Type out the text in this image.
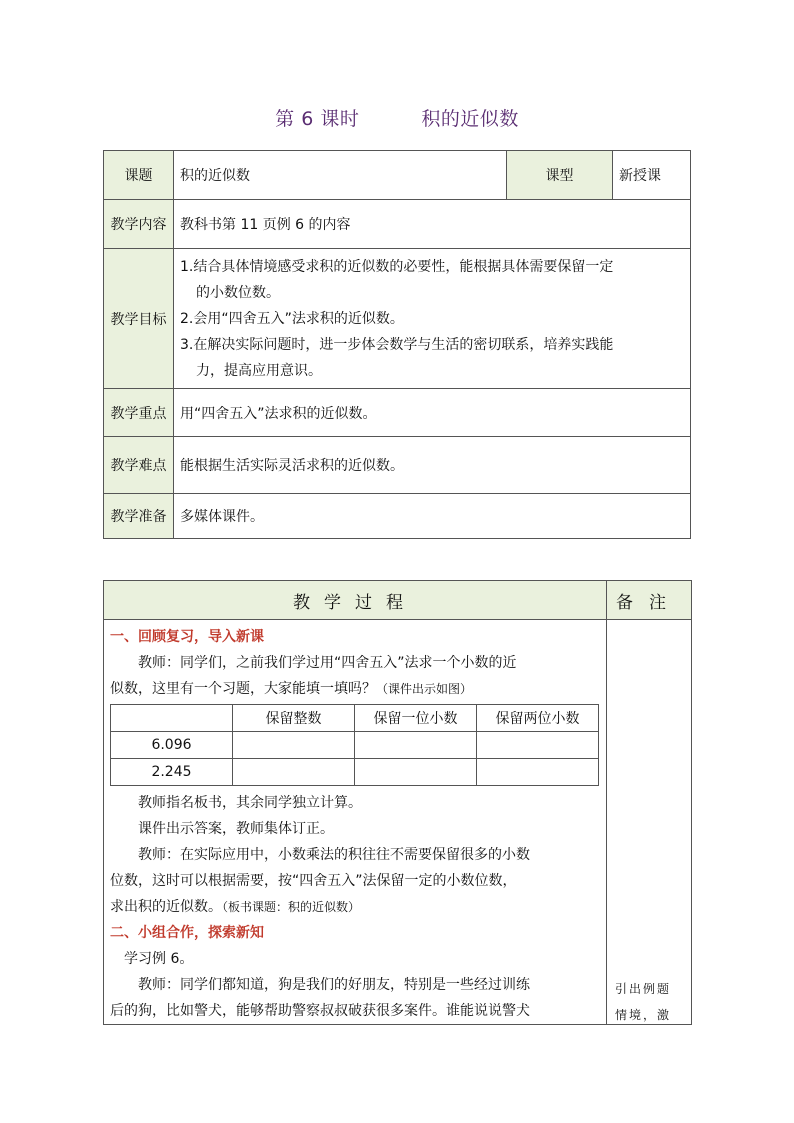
第 6 课时	积的近似数
课题	积的近似数	课型	新授课
教学内容	教科书第 11 页例 6 的内容		
教学目标	1.结合具体情境感受求积的近似数的必要性，能根据具体需要保留一定
的小数位数。
2.会用“四舍五入”法求积的近似数。
3.在解决实际问题时，进一步体会数学与生活的密切联系，培养实践能
力，提高应用意识。		

教学重点	用“四舍五入”法求积的近似数。		
教学难点	能根据生活实际灵活求积的近似数。		
教学准备	多媒体课件。		
教学过程	备注

一、回顾复习，导入新课
教师：同学们，之前我们学过用“四舍五入”法求一个小数的近
似数，这里有一个习题，大家能填一填吗？（课件出示如图）
	保留整数	保留一位小数	保留两位小数
6.096			
2.245			
教师指名板书，其余同学独立计算。
课件出示答案，教师集体订正。
教师：在实际应用中，小数乘法的积往往不需要保留很多的小数
位数，这时可以根据需要，按“四舍五入”法保留一定的小数位数，
求出积的近似数。（板书课题：积的近似数）
二、小组合作，探索新知
学习例 6。
教师：同学们都知道，狗是我们的好朋友，特别是一些经过训练
后的狗，比如警犬，能够帮助警察叔叔破获很多案件。谁能说说警犬

引出例题
情境，激
